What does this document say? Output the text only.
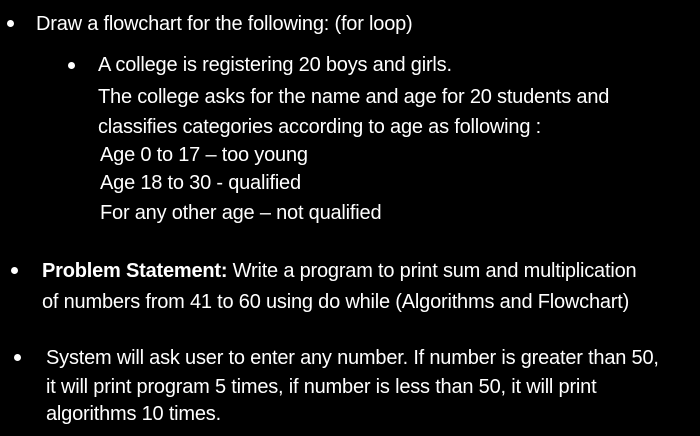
Draw a flowchart for the following: (for loop)
A college is registering 20 boys and girls.
The college asks for the name and age for 20 students and
classifies categories according to age as following :
Age 0 to 17 – too young
Age 18 to 30 - qualified
For any other age – not qualified
Problem Statement: Write a program to print sum and multiplication
of numbers from 41 to 60 using do while (Algorithms and Flowchart)
System will ask user to enter any number. If number is greater than 50,
it will print program 5 times, if number is less than 50, it will print
algorithms 10 times.
